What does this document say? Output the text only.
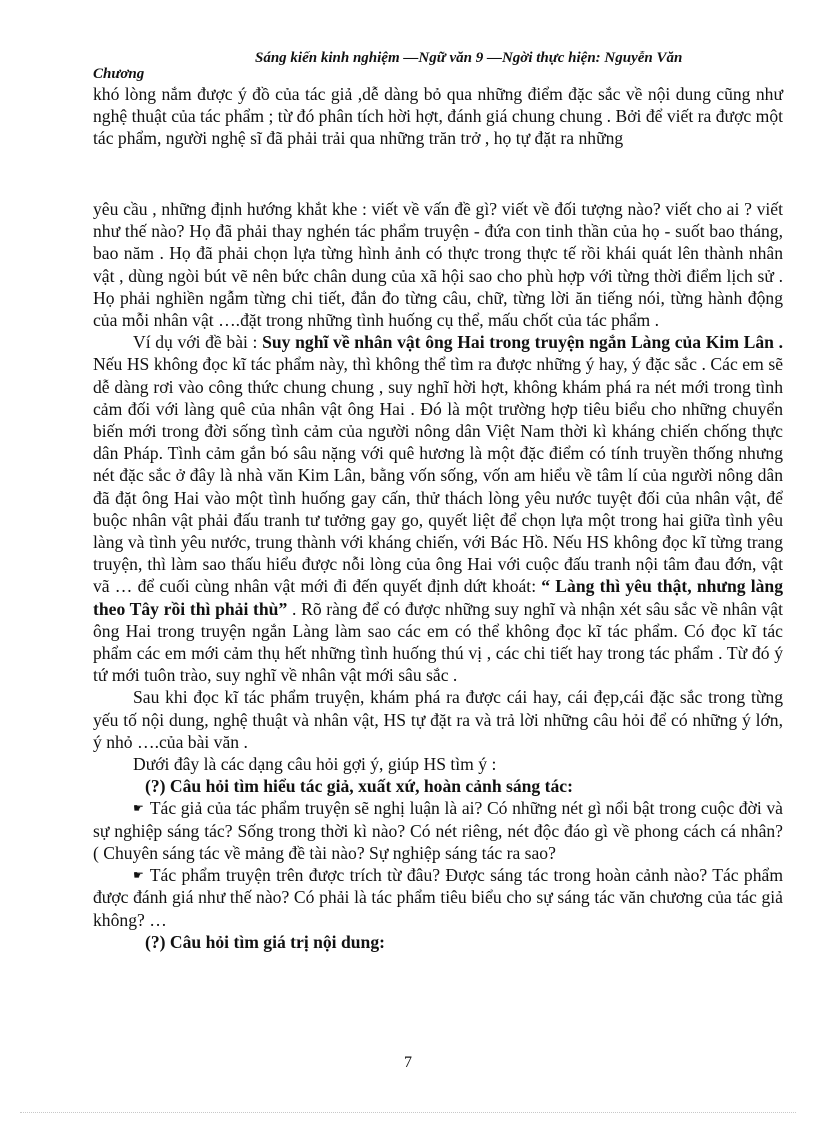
Sáng kiến kinh nghiệm —Ngữ văn 9 —Ngời thực hiện: Nguyễn Văn
Chương

khó lòng nắm được ý đồ của tác giả ,dễ dàng bỏ qua những điểm đặc sắc về nội dung cũng như nghệ thuật của tác phẩm ; từ đó phân tích hời hợt, đánh giá chung chung . Bởi để viết ra được một tác phẩm, người nghệ sĩ đã phải trải qua những trăn trở , họ tự đặt ra những

yêu cầu , những định hướng khắt khe : viết về vấn đề gì? viết về đối tượng nào? viết cho ai ? viết như thế nào? Họ đã phải thay nghén tác phẩm truyện - đứa con tinh thần của họ - suốt bao tháng, bao năm . Họ đã phải chọn lựa từng hình ảnh có thực trong thực tế rồi khái quát lên thành nhân vật , dùng ngòi bút vẽ nên bức chân dung của xã hội sao cho phù hợp với từng thời điểm lịch sử . Họ phải nghiền ngẫm từng chi tiết, đắn đo từng câu, chữ, từng lời ăn tiếng nói, từng hành động của mỗi nhân vật ….đặt trong những tình huống cụ thể, mấu chốt của tác phẩm .

Ví dụ với đề bài : Suy nghĩ về nhân vật ông Hai trong truyện ngắn Làng của Kim Lân . Nếu HS không đọc kĩ tác phẩm này, thì không thể tìm ra được những ý hay, ý đặc sắc . Các em sẽ dễ dàng rơi vào công thức chung chung , suy nghĩ hời hợt, không khám phá ra nét mới trong tình cảm đối với làng quê của nhân vật ông Hai . Đó là một trường hợp tiêu biểu cho những chuyển biến mới trong đời sống tình cảm của người nông dân Việt Nam thời kì kháng chiến chống thực dân Pháp. Tình cảm gắn bó sâu nặng với quê hương là một đặc điểm có tính truyền thống nhưng nét đặc sắc ở đây là nhà văn Kim Lân, bằng vốn sống, vốn am hiểu về tâm lí của người nông dân đã đặt ông Hai vào một tình huống gay cấn, thử thách lòng yêu nước tuyệt đối của nhân vật, để buộc nhân vật phải đấu tranh tư tưởng gay go, quyết liệt để chọn lựa một trong hai giữa tình yêu làng và tình yêu nước, trung thành với kháng chiến, với Bác Hồ. Nếu HS không đọc kĩ từng trang truyện, thì làm sao thấu hiểu được nỗi lòng của ông Hai với cuộc đấu tranh nội tâm đau đớn, vật vã … để cuối cùng nhân vật mới đi đến quyết định dứt khoát: “ Làng thì yêu thật, nhưng làng theo Tây rồi thì phải thù” . Rõ ràng để có được những suy nghĩ và nhận xét sâu sắc về nhân vật ông Hai trong truyện ngắn Làng làm sao các em có thể không đọc kĩ tác phẩm. Có đọc kĩ tác phẩm các em mới cảm thụ hết những tình huống thú vị , các chi tiết hay trong tác phẩm . Từ đó ý tứ mới tuôn trào, suy nghĩ về nhân vật mới sâu sắc .

Sau khi đọc kĩ tác phẩm truyện, khám phá ra được cái hay, cái đẹp,cái đặc sắc trong từng yếu tố nội dung, nghệ thuật và nhân vật, HS tự đặt ra và trả lời những câu hỏi để có những ý lớn, ý nhỏ ….của bài văn .

Dưới đây là các dạng câu hỏi gợi ý, giúp HS tìm ý :

(?) Câu hỏi tìm hiểu tác giả, xuất xứ, hoàn cảnh sáng tác:

☛ Tác giả của tác phẩm truyện sẽ nghị luận là ai? Có những nét gì nổi bật trong cuộc đời và sự nghiệp sáng tác? Sống trong thời kì nào? Có nét riêng, nét độc đáo gì về phong cách cá nhân? ( Chuyên sáng tác về mảng đề tài nào? Sự nghiệp sáng tác ra sao?

☛ Tác phẩm truyện trên được trích từ đâu? Được sáng tác trong hoàn cảnh nào? Tác phẩm được đánh giá như thế nào? Có phải là tác phẩm tiêu biểu cho sự sáng tác văn chương của tác giả không? …

(?) Câu hỏi tìm giá trị nội dung:

7
